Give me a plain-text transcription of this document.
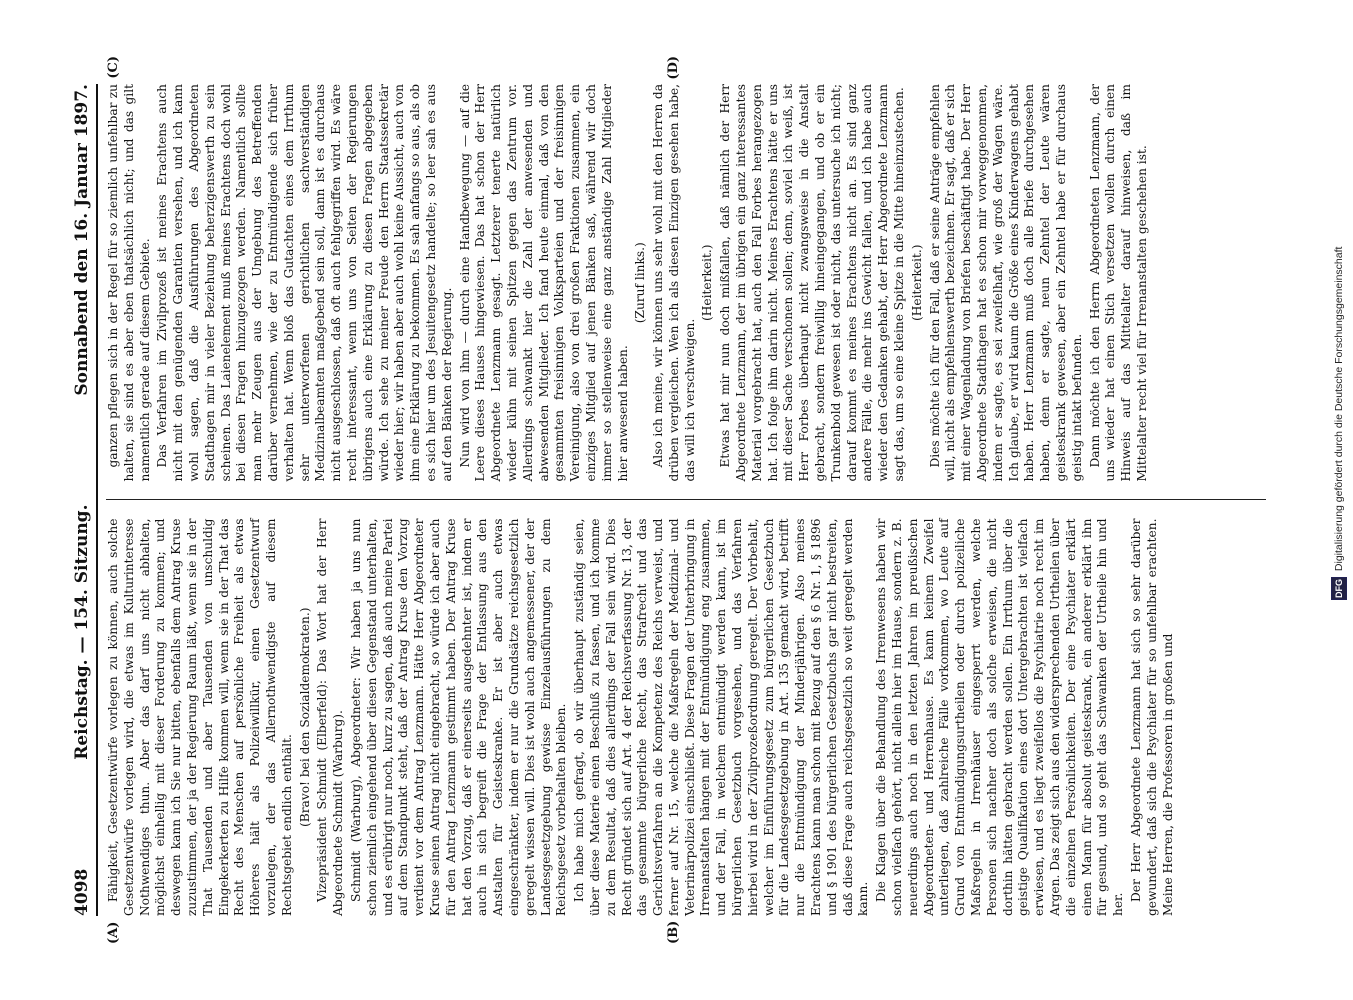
4098
Reichstag. — 154. Sitzung.
Sonnabend den 16. Januar 1897.
(A)	(B)

Fähigkeit, Gesetzentwürfe vorlegen zu können, auch solche Gesetzentwürfe vorlegen wird, die etwas im Kulturinteresse Nothwendiges thun. Aber das darf uns nicht abhalten, möglichst einhellig mit dieser Forderung zu kommen; und deswegen kann ich Sie nur bitten, ebenfalls dem Antrag Kruse zuzustimmen, der ja der Regierung Raum läßt, wenn sie in der That Tausenden und aber Tausenden von unschuldig Eingekerkerten zu Hilfe kommen will, wenn sie in der That das Recht des Menschen auf persönliche Freiheit als etwas Höheres hält als Polizeiwillkür, einen Gesetzentwurf vorzulegen, der das Allernothwendigste auf diesem Rechtsgebiet endlich enthält. (Bravo! bei den Sozialdemokraten.) Vizepräsident Schmidt (Elberfeld): Das Wort hat der Herr Abgeordnete Schmidt (Warburg). Schmidt (Warburg), Abgeordneter: Wir haben ja uns nun schon ziemlich eingehend über diesen Gegenstand unterhalten, und es erübrigt nur noch, kurz zu sagen, daß auch meine Partei auf dem Standpunkt steht, daß der Antrag Kruse den Vorzug verdient vor dem Antrag Lenzmann. Hätte Herr Abgeordneter Kruse seinen Antrag nicht eingebracht, so würde ich aber auch für den Antrag Lenzmann gestimmt haben. Der Antrag Kruse hat den Vorzug, daß er einerseits ausgedehnter ist, indem er auch in sich begreift die Frage der Entlassung aus den Anstalten für Geisteskranke. Er ist aber auch etwas eingeschränkter, indem er nur die Grundsätze reichsgesetzlich geregelt wissen will. Dies ist wohl auch angemessener, der der Landesgesetzgebung gewisse Einzelausführungen zu dem Reichsgesetz vorbehalten bleiben. Ich habe mich gefragt, ob wir überhaupt zuständig seien, über diese Materie einen Beschluß zu fassen, und ich komme zu dem Resultat, daß dies allerdings der Fall sein wird. Dies Recht gründet sich auf Art. 4 der Reichsverfassung Nr. 13, der das gesammte bürgerliche Recht, das Strafrecht und das Gerichtsverfahren an die Kompetenz des Reichs verweist, und ferner auf Nr. 15, welche die Maßregeln der Medizinal- und Veterinärpolizei einschließt. Diese Fragen der Unterbringung in Irrenanstalten hängen mit der Entmündigung eng zusammen, und der Fall, in welchem entmündigt werden kann, ist im bürgerlichen Gesetzbuch vorgesehen, und das Verfahren hierbei wird in der Zivilprozeßordnung geregelt. Der Vorbehalt, welcher im Einführungsgesetz zum bürgerlichen Gesetzbuch für die Landesgesetzgebung in Art. 135 gemacht wird, betrifft nur die Entmündigung der Minderjährigen. Also meines Erachtens kann man schon mit Bezug auf den § 6 Nr. 1, § 1896 und § 1901 des bürgerlichen Gesetzbuchs gar nicht bestreiten, daß diese Frage auch reichsgesetzlich so weit geregelt werden kann. Die Klagen über die Behandlung des Irrenwesens haben wir schon vielfach gehört, nicht allein hier im Hause, sondern z. B. neuerdings auch noch in den letzten Jahren im preußischen Abgeordneten- und Herrenhause. Es kann keinem Zweifel unterliegen, daß zahlreiche Fälle vorkommen, wo Leute auf Grund von Entmündigungsurtheilen oder durch polizeiliche Maßregeln in Irrenhäuser eingesperrt werden, welche Personen sich nachher doch als solche erweisen, die nicht dorthin hätten gebracht werden sollen. Ein Irrthum über die geistige Qualifikation eines dort Untergebrachten ist vielfach erwiesen, und es liegt zweifellos die Psychiatrie noch recht im Argen. Das zeigt sich aus den widersprechenden Urtheilen über die einzelnen Persönlichkeiten. Der eine Psychiater erklärt einen Mann für absolut geisteskrank, ein anderer erklärt ihn für gesund, und so geht das Schwanken der Urtheile hin und her.

Der Herr Abgeordnete Lenzmann hat sich so sehr darüber gewundert, daß sich die Psychiater für so unfehlbar erachten. Meine Herren, die Professoren in großen und

(C)	(D)

ganzen pflegen sich in der Regel für so ziemlich unfehlbar zu halten, sie sind es aber eben thatsächlich nicht; und das gilt namentlich gerade auf diesem Gebiete. Das Verfahren im Zivilprozeß ist meines Erachtens auch nicht mit den genügenden Garantien versehen, und ich kann wohl sagen, daß die Ausführungen des Abgeordneten Stadthagen mir in vieler Beziehung beherzigenswerth zu sein scheinen. Das Laienelement muß meines Erachtens doch wohl bei diesen Fragen hinzugezogen werden. Namentlich sollte man mehr Zeugen aus der Umgebung des Betreffenden darüber vernehmen, wie der zu Entmündigende sich früher verhalten hat. Wenn bloß das Gutachten eines dem Irrthum sehr unterworfenen gerichtlichen sachverständigen Medizinalbeamten maßgebend sein soll, dann ist es durchaus nicht ausgeschlossen, daß oft auch fehlgegriffen wird. Es wäre recht interessant, wenn uns von Seiten der Regierungen übrigens auch eine Erklärung zu diesen Fragen abgegeben würde. Ich sehe zu meiner Freude den Herrn Staatssekretär wieder hier; wir haben aber auch wohl keine Aussicht, auch von ihm eine Erklärung zu bekommen. Es sah anfangs so aus, als ob es sich hier um des Jesuitengesetz handelte; so leer sah es aus auf den Bänken der Regierung. Nun wird von ihm — durch eine Handbewegung — auf die Leere dieses Hauses hingewiesen. Das hat schon der Herr Abgeordnete Lenzmann gesagt. Letzterer tenerte natürlich wieder kühn mit seinen Spitzen gegen das Zentrum vor. Allerdings schwankt hier die Zahl der anwesenden und abwesenden Mitglieder. Ich fand heute einmal, daß von den gesammten freisinnigen Volksparteien und der freisinnigen Vereinigung, also von drei großen Fraktionen zusammen, ein einziges Mitglied auf jenen Bänken saß, während wir doch immer so stellenweise eine ganz anständige Zahl Mitglieder hier anwesend haben.

(Zuruf links.) Also ich meine, wir können uns sehr wohl mit den Herren da drüben vergleichen. Wen ich als diesen Einzigen gesehen habe, das will ich verschweigen.

(Heiterkeit.) Etwas hat mir nun doch mißfallen, daß nämlich der Herr Abgeordnete Lenzmann, der im übrigen ein ganz interessantes Material vorgebracht hat, auch den Fall Forbes herangezogen hat. Ich folge ihm darin nicht. Meines Erachtens hätte er uns mit dieser Sache verschonen sollen; denn, soviel ich weiß, ist Herr Forbes überhaupt nicht zwangsweise in die Anstalt gebracht, sondern freiwillig hineingegangen, und ob er ein Trunkenbold gewesen ist oder nicht, das untersuche ich nicht; darauf kommt es meines Erachtens nicht an. Es sind ganz andere Fälle, die mehr ins Gewicht fallen, und ich habe auch wieder den Gedanken gehabt, der Herr Abgeordnete Lenzmann sagt das, um so eine kleine Spitze in die Mitte hineinzustechen. (Heiterkeit.) Dies möchte ich für den Fall, daß er seine Anträge empfehlen will, nicht als empfehlenswerth bezeichnen. Er sagt, daß er sich mit einer Wagenladung von Briefen beschäftigt habe. Der Herr Abgeordnete Stadthagen hat es schon mir vorweggenommen, indem er sagte, es sei zweifelhaft, wie groß der Wagen wäre. Ich glaube, er wird kaum die Größe eines Kinderwagens gehabt haben. Herr Lenzmann muß doch alle Briefe durchgesehen haben, denn er sagte, neun Zehntel der Leute wären geisteskrank gewesen, aber ein Zehntel habe er für durchaus geistig intakt befunden. Dann möchte ich den Herrn Abgeordneten Lenzmann, der uns wieder hat einen Stich versetzen wollen durch einen Hinweis auf das Mittelalter darauf hinweisen, daß im Mittelalter recht viel für Irrenanstalten geschehen ist.

DFG Digitalisierung gefördert durch die Deutsche Forschungsgemeinschaft
